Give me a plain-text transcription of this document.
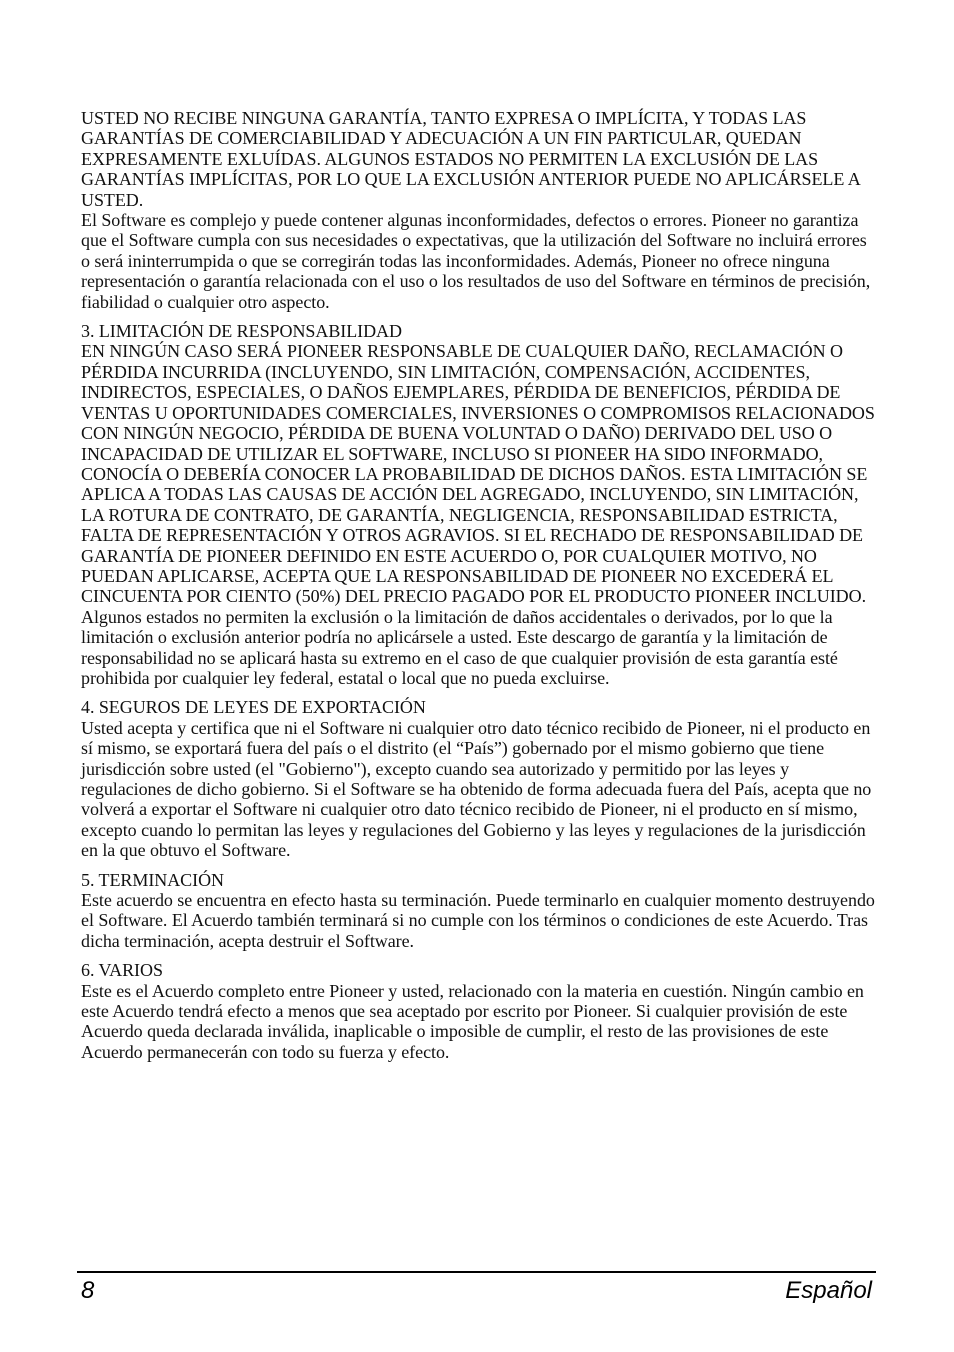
USTED NO RECIBE NINGUNA GARANTÍA, TANTO EXPRESA O IMPLÍCITA, Y TODAS LAS GARANTÍAS DE COMERCIABILIDAD Y ADECUACIÓN A UN FIN PARTICULAR, QUEDAN EXPRESAMENTE EXLUÍDAS. ALGUNOS ESTADOS NO PERMITEN LA EXCLUSIÓN DE LAS GARANTÍAS IMPLÍCITAS, POR LO QUE LA EXCLUSIÓN ANTERIOR PUEDE NO APLICÁRSELE A USTED.

El Software es complejo y puede contener algunas inconformidades, defectos o errores. Pioneer no garantiza que el Software cumpla con sus necesidades o expectativas, que la utilización del Software no incluirá errores o será ininterrumpida o que se corregirán todas las inconformidades. Además, Pioneer no ofrece ninguna representación o garantía relacionada con el uso o los resultados de uso del Software en términos de precisión, fiabilidad o cualquier otro aspecto.

3. LIMITACIÓN DE RESPONSABILIDAD

EN NINGÚN CASO SERÁ PIONEER RESPONSABLE DE CUALQUIER DAÑO, RECLAMACIÓN O PÉRDIDA INCURRIDA (INCLUYENDO, SIN LIMITACIÓN, COMPENSACIÓN, ACCIDENTES, INDIRECTOS, ESPECIALES, O DAÑOS EJEMPLARES, PÉRDIDA DE BENEFICIOS, PÉRDIDA DE VENTAS U OPORTUNIDADES COMERCIALES, INVERSIONES O COMPROMISOS RELACIONADOS CON NINGÚN NEGOCIO, PÉRDIDA DE BUENA VOLUNTAD O DAÑO) DERIVADO DEL USO O INCAPACIDAD DE UTILIZAR EL SOFTWARE, INCLUSO SI PIONEER HA SIDO INFORMADO, CONOCÍA O DEBERÍA CONOCER LA PROBABILIDAD DE DICHOS DAÑOS. ESTA LIMITACIÓN SE APLICA A TODAS LAS CAUSAS DE ACCIÓN DEL AGREGADO, INCLUYENDO, SIN LIMITACIÓN, LA ROTURA DE CONTRATO, DE GARANTÍA, NEGLIGENCIA, RESPONSABILIDAD ESTRICTA, FALTA DE REPRESENTACIÓN Y OTROS AGRAVIOS. SI EL RECHADO DE RESPONSABILIDAD DE GARANTÍA DE PIONEER DEFINIDO EN ESTE ACUERDO O, POR CUALQUIER MOTIVO, NO PUEDAN APLICARSE, ACEPTA QUE LA RESPONSABILIDAD DE PIONEER NO EXCEDERÁ EL CINCUENTA POR CIENTO (50%) DEL PRECIO PAGADO POR EL PRODUCTO PIONEER INCLUIDO.

Algunos estados no permiten la exclusión o la limitación de daños accidentales o derivados, por lo que la limitación o exclusión anterior podría no aplicársele a usted. Este descargo de garantía y la limitación de responsabilidad no se aplicará hasta su extremo en el caso de que cualquier provisión de esta garantía esté prohibida por cualquier ley federal, estatal o local que no pueda excluirse.

4. SEGUROS DE LEYES DE EXPORTACIÓN

Usted acepta y certifica que ni el Software ni cualquier otro dato técnico recibido de Pioneer, ni el producto en sí mismo, se exportará fuera del país o el distrito (el “País”) gobernado por el mismo gobierno que tiene jurisdicción sobre usted (el "Gobierno"), excepto cuando sea autorizado y permitido por las leyes y regulaciones de dicho gobierno. Si el Software se ha obtenido de forma adecuada fuera del País, acepta que no volverá a exportar el Software ni cualquier otro dato técnico recibido de Pioneer, ni el producto en sí mismo, excepto cuando lo permitan las leyes y regulaciones del Gobierno y las leyes y regulaciones de la jurisdicción en la que obtuvo el Software.

5. TERMINACIÓN

Este acuerdo se encuentra en efecto hasta su terminación. Puede terminarlo en cualquier momento destruyendo el Software. El Acuerdo también terminará si no cumple con los términos o condiciones de este Acuerdo. Tras dicha terminación, acepta destruir el Software.

6. VARIOS

Este es el Acuerdo completo entre Pioneer y usted, relacionado con la materia en cuestión. Ningún cambio en este Acuerdo tendrá efecto a menos que sea aceptado por escrito por Pioneer. Si cualquier provisión de este Acuerdo queda declarada inválida, inaplicable o imposible de cumplir, el resto de las provisiones de este Acuerdo permanecerán con todo su fuerza y efecto.

8	Español
